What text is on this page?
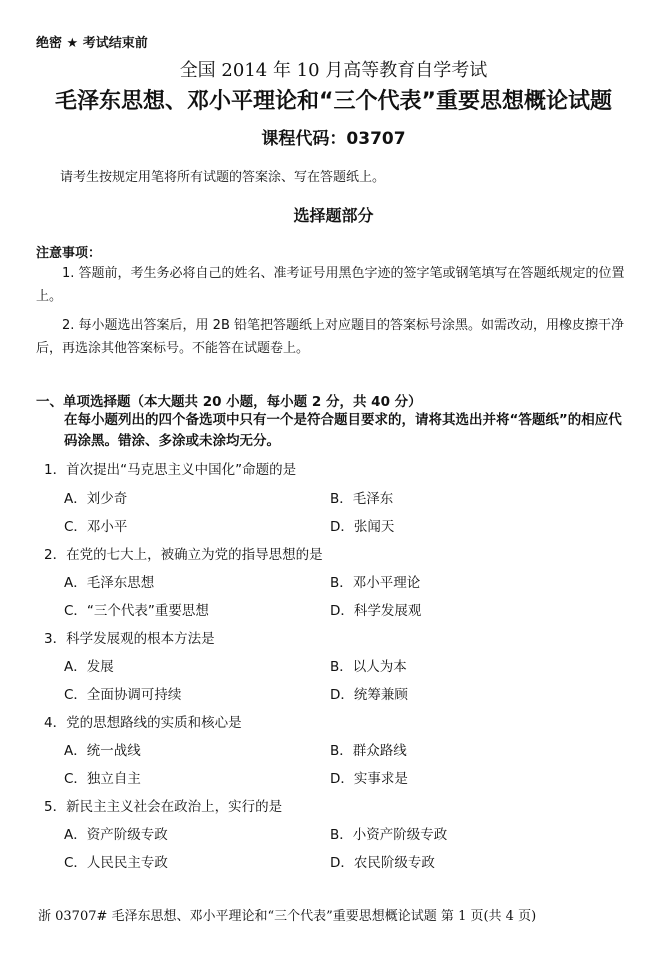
绝密 ★ 考试结束前
全国 2014 年 10 月高等教育自学考试
毛泽东思想、邓小平理论和“三个代表”重要思想概论试题
课程代码：03707
请考生按规定用笔将所有试题的答案涂、写在答题纸上。
选择题部分
注意事项：

1. 答题前，考生务必将自己的姓名、准考证号用黑色字迹的签字笔或钢笔填写在答题纸规定的位置上。

2. 每小题选出答案后，用 2B 铅笔把答题纸上对应题目的答案标号涂黑。如需改动，用橡皮擦干净后，再选涂其他答案标号。不能答在试题卷上。

一、单项选择题（本大题共 20 小题，每小题 2 分，共 40 分）
在每小题列出的四个备选项中只有一个是符合题目要求的，请将其选出并将“答题纸”的相应代码涂黑。错涂、多涂或未涂均无分。
1．首次提出“马克思主义中国化”命题的是
A．刘少奇	B．毛泽东
C．邓小平	D．张闻天
2．在党的七大上，被确立为党的指导思想的是
A．毛泽东思想	B．邓小平理论
C．“三个代表”重要思想	D．科学发展观
3．科学发展观的根本方法是
A．发展	B．以人为本
C．全面协调可持续	D．统筹兼顾
4．党的思想路线的实质和核心是
A．统一战线	B．群众路线
C．独立自主	D．实事求是
5．新民主主义社会在政治上，实行的是
A．资产阶级专政	B．小资产阶级专政
C．人民民主专政	D．农民阶级专政
浙 03707# 毛泽东思想、邓小平理论和“三个代表”重要思想概论试题 第 1 页(共 4 页)
